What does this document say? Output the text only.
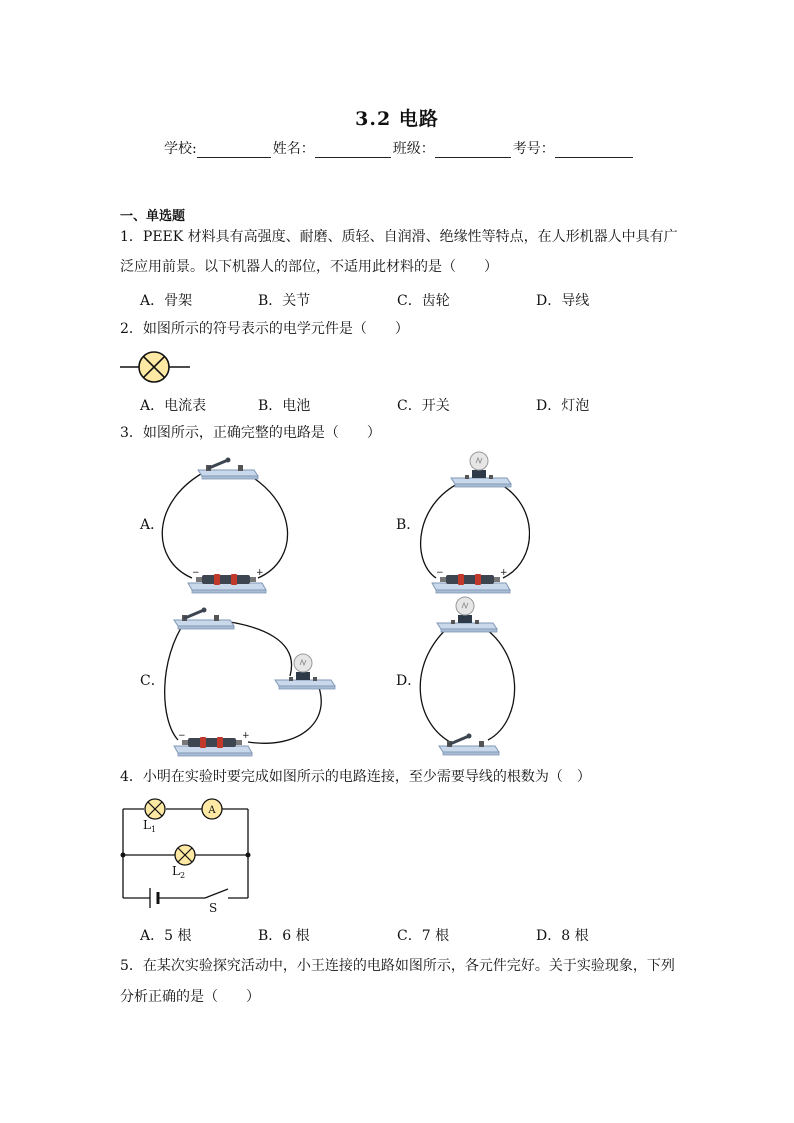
3.2 电路
学校:	姓名：	班级：	考号：
一、单选题
1．PEEK 材料具有高强度、耐磨、质轻、自润滑、绝缘性等特点，在人形机器人中具有广
泛应用前景。以下机器人的部位，不适用此材料的是（　　）
A．骨架	B．关节	C．齿轮	D．导线
2．如图所示的符号表示的电学元件是（　　）
A．电流表	B．电池	C．开关	D．灯泡
3．如图所示，正确完整的电路是（　　）
A．	B．
C．	D．
4．小明在实验时要完成如图所示的电路连接，至少需要导线的根数为（　）
A
L 1
L 2
S
A．5 根	B．6 根	C．7 根	D．8 根
5．在某次实验探究活动中，小王连接的电路如图所示，各元件完好。关于实验现象，下列
分析正确的是（　　）
